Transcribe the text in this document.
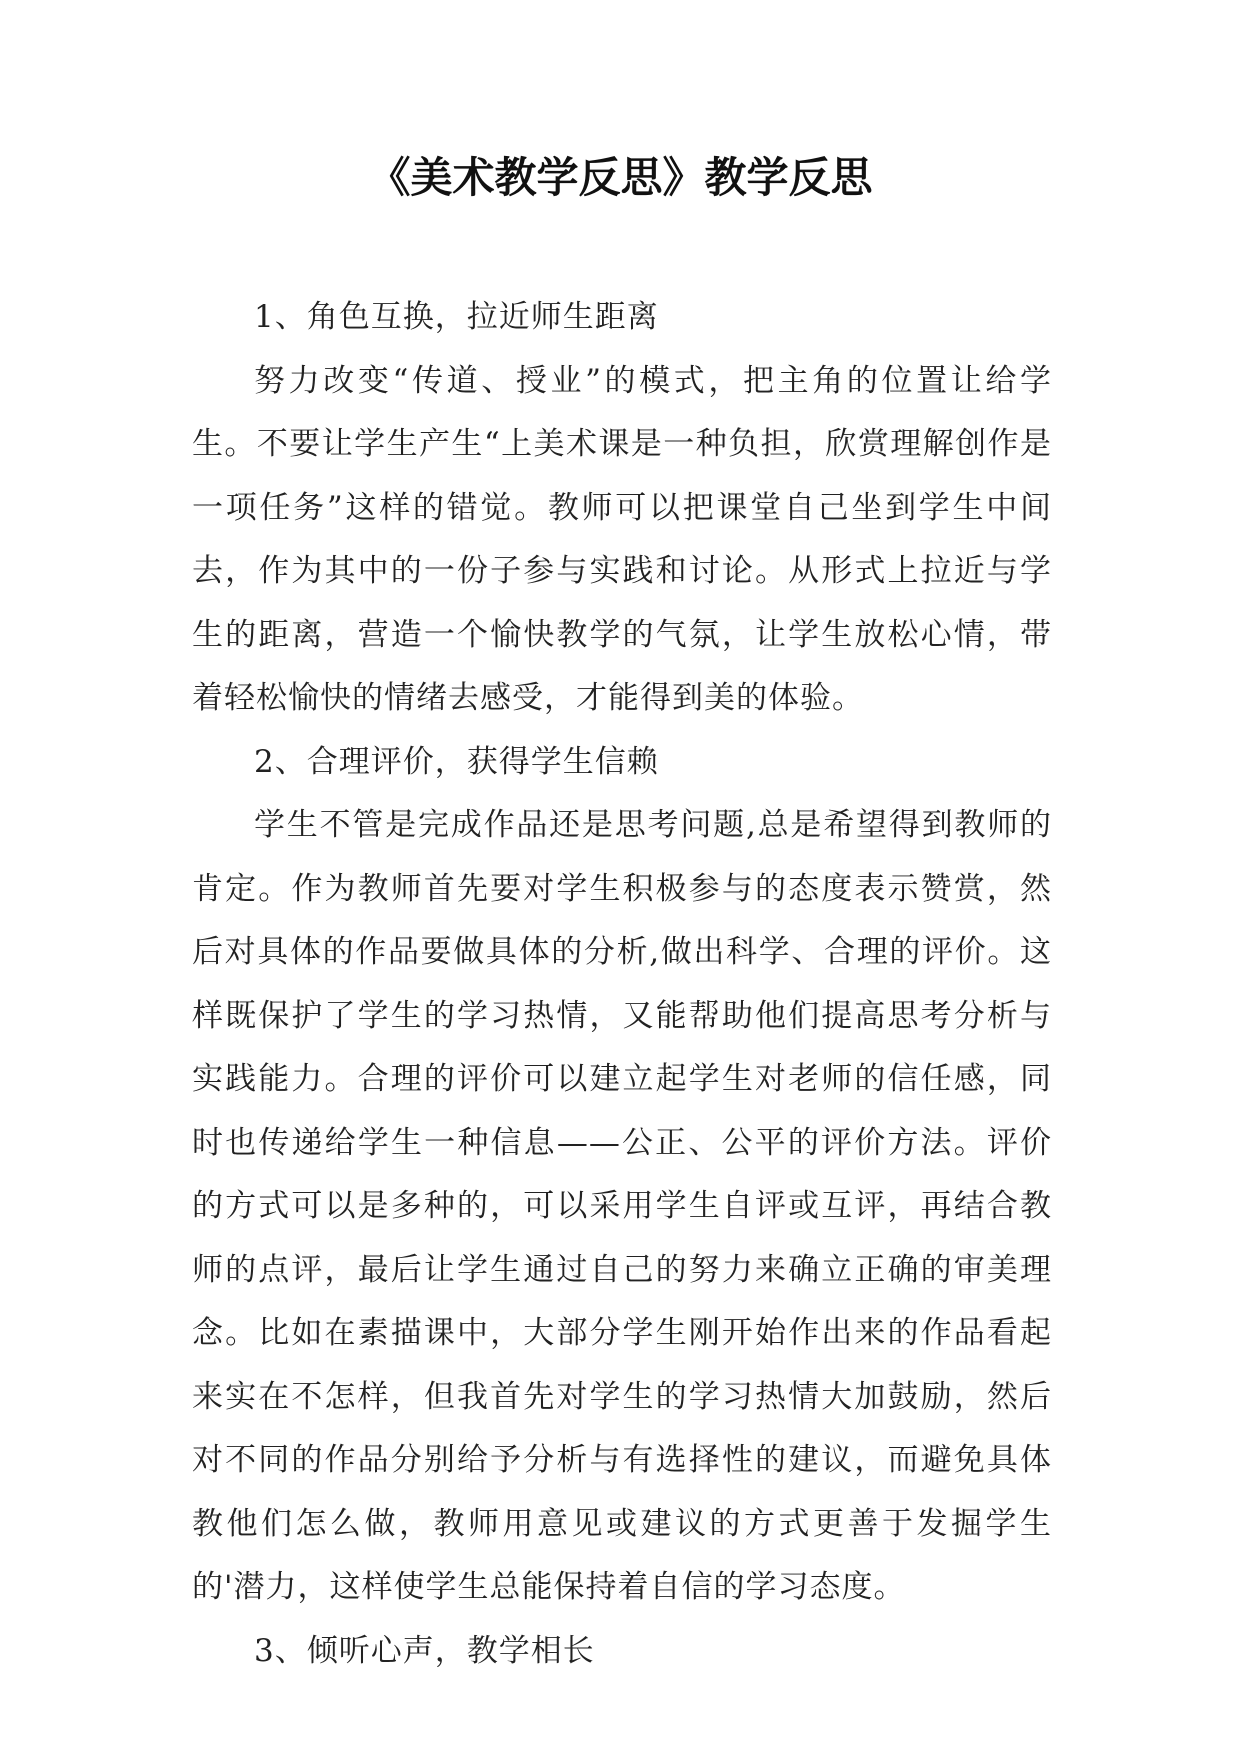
《美术教学反思》教学反思

1、角色互换，拉近师生距离

努力改变“传道、授业”的模式，把主角的位置让给学生。不要让学生产生“上美术课是一种负担，欣赏理解创作是一项任务”这样的错觉。教师可以把课堂自己坐到学生中间去，作为其中的一份子参与实践和讨论。从形式上拉近与学生的距离，营造一个愉快教学的气氛，让学生放松心情，带着轻松愉快的情绪去感受，才能得到美的体验。

2、合理评价，获得学生信赖

学生不管是完成作品还是思考问题,总是希望得到教师的肯定。作为教师首先要对学生积极参与的态度表示赞赏，然后对具体的作品要做具体的分析,做出科学、合理的评价。这样既保护了学生的学习热情，又能帮助他们提高思考分析与实践能力。合理的评价可以建立起学生对老师的信任感，同时也传递给学生一种信息——公正、公平的评价方法。评价的方式可以是多种的，可以采用学生自评或互评，再结合教师的点评，最后让学生通过自己的努力来确立正确的审美理念。比如在素描课中，大部分学生刚开始作出来的作品看起来实在不怎样，但我首先对学生的学习热情大加鼓励，然后对不同的作品分别给予分析与有选择性的建议，而避免具体教他们怎么做，教师用意见或建议的方式更善于发掘学生的'潜力，这样使学生总能保持着自信的学习态度。

3、倾听心声，教学相长
